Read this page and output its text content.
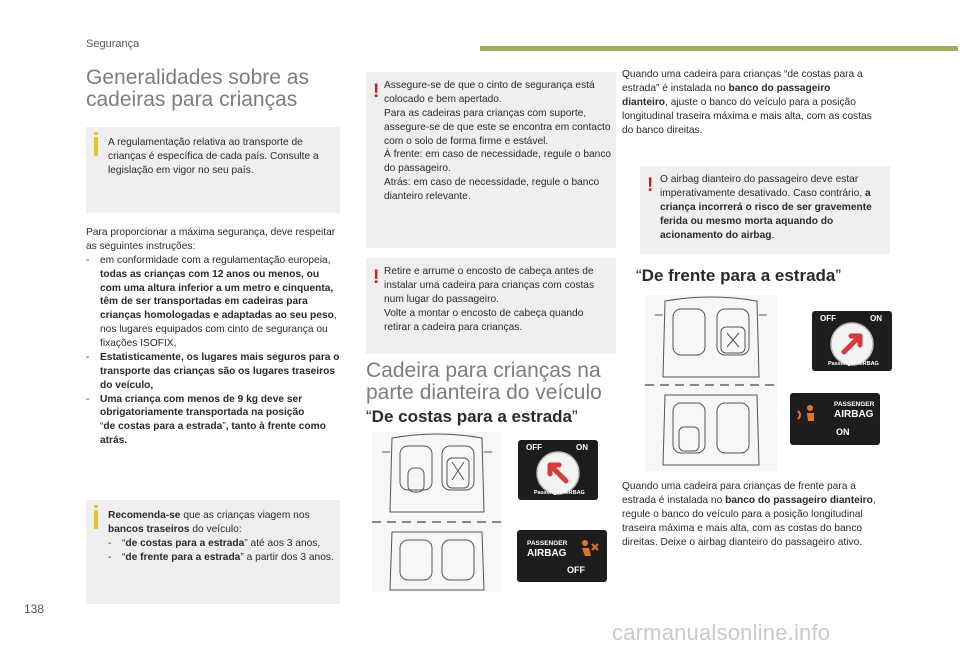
Segurança
Generalidades sobre as
cadeiras para crianças
A regulamentação relativa ao transporte de crianças é específica de cada país. Consulte a legislação em vigor no seu país.
Para proporcionar a máxima segurança, deve respeitar as seguintes instruções:
-	em conformidade com a regulamentação europeia, todas as crianças com 12 anos ou menos, ou com uma altura inferior a um metro e cinquenta, têm de ser transportadas em cadeiras para crianças homologadas e adaptadas ao seu peso, nos lugares equipados com cinto de segurança ou fixações ISOFIX,
-	Estatisticamente, os lugares mais seguros para o transporte das crianças são os lugares traseiros do veículo,
-	Uma criança com menos de 9 kg deve ser obrigatoriamente transportada na posição
“de costas para a estrada”, tanto à frente como atrás.
Recomenda-se que as crianças viagem nos bancos traseiros do veículo:
-	“de costas para a estrada” até aos 3 anos,
-	“de frente para a estrada” a partir dos 3 anos.
! Assegure-se de que o cinto de segurança está colocado e bem apertado.
Para as cadeiras para crianças com suporte, assegure-se de que este se encontra em contacto com o solo de forma firme e estável.
À frente: em caso de necessidade, regule o banco do passageiro.
Atrás: em caso de necessidade, regule o banco dianteiro relevante.
! Retire e arrume o encosto de cabeça antes de instalar uma cadeira para crianças com costas num lugar do passageiro.
Volte a montar o encosto de cabeça quando retirar a cadeira para crianças.
Cadeira para crianças na
parte dianteira do veículo
“De costas para a estrada”
OFF	ON
Passenger AIRBAG
PASSENGER
AIRBAG
OFF
Quando uma cadeira para crianças “de costas para a estrada” é instalada no banco do passageiro dianteiro, ajuste o banco do veículo para a posição longitudinal traseira máxima e mais alta, com as costas do banco direitas.
! O airbag dianteiro do passageiro deve estar imperativamente desativado. Caso contrário, a criança incorrerá o risco de ser gravemente ferida ou mesmo morta aquando do acionamento do airbag.
“De frente para a estrada”
OFF	ON
Passenger AIRBAG
PASSENGER
AIRBAG
ON
Quando uma cadeira para crianças de frente para a estrada é instalada no banco do passageiro dianteiro, regule o banco do veículo para a posição longitudinal traseira máxima e mais alta, com as costas do banco direitas. Deixe o airbag dianteiro do passageiro ativo.
138
carmanualsonline.info
